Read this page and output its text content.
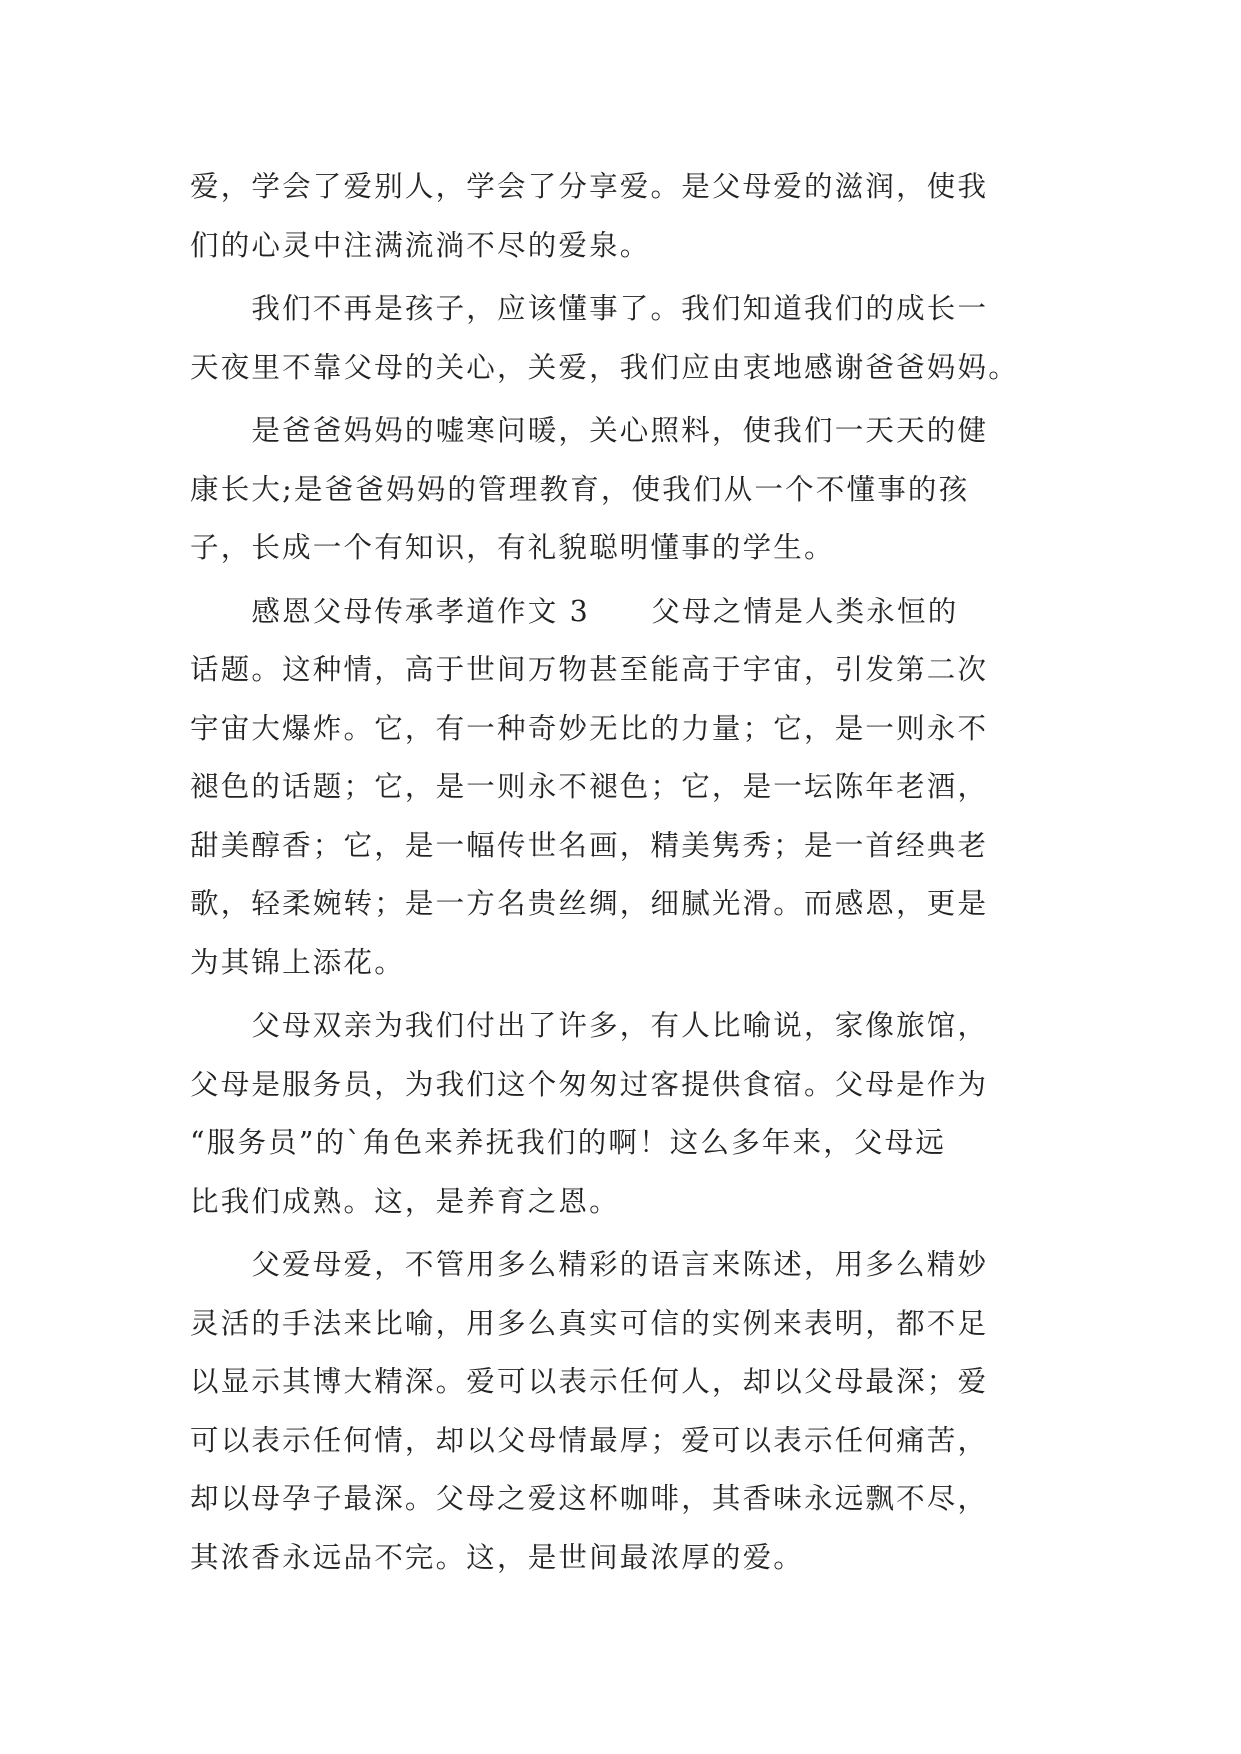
爱，学会了爱别人，学会了分享爱。是父母爱的滋润，使我
们的心灵中注满流淌不尽的爱泉。
　　我们不再是孩子，应该懂事了。我们知道我们的成长一
天夜里不靠父母的关心，关爱，我们应由衷地感谢爸爸妈妈。
　　是爸爸妈妈的嘘寒问暖，关心照料，使我们一天天的健
康长大;是爸爸妈妈的管理教育，使我们从一个不懂事的孩
子，长成一个有知识，有礼貌聪明懂事的学生。
　　感恩父母传承孝道作文 3　　父母之情是人类永恒的
话题。这种情，高于世间万物甚至能高于宇宙，引发第二次
宇宙大爆炸。它，有一种奇妙无比的力量；它，是一则永不
褪色的话题；它，是一则永不褪色；它，是一坛陈年老酒，
甜美醇香；它，是一幅传世名画，精美隽秀；是一首经典老
歌，轻柔婉转；是一方名贵丝绸，细腻光滑。而感恩，更是
为其锦上添花。
　　父母双亲为我们付出了许多，有人比喻说，家像旅馆，
父母是服务员，为我们这个匆匆过客提供食宿。父母是作为
“服务员”的`角色来养抚我们的啊！这么多年来，父母远
比我们成熟。这，是养育之恩。
　　父爱母爱，不管用多么精彩的语言来陈述，用多么精妙
灵活的手法来比喻，用多么真实可信的实例来表明，都不足
以显示其博大精深。爱可以表示任何人，却以父母最深；爱
可以表示任何情，却以父母情最厚；爱可以表示任何痛苦，
却以母孕子最深。父母之爱这杯咖啡，其香味永远飘不尽，
其浓香永远品不完。这，是世间最浓厚的爱。
